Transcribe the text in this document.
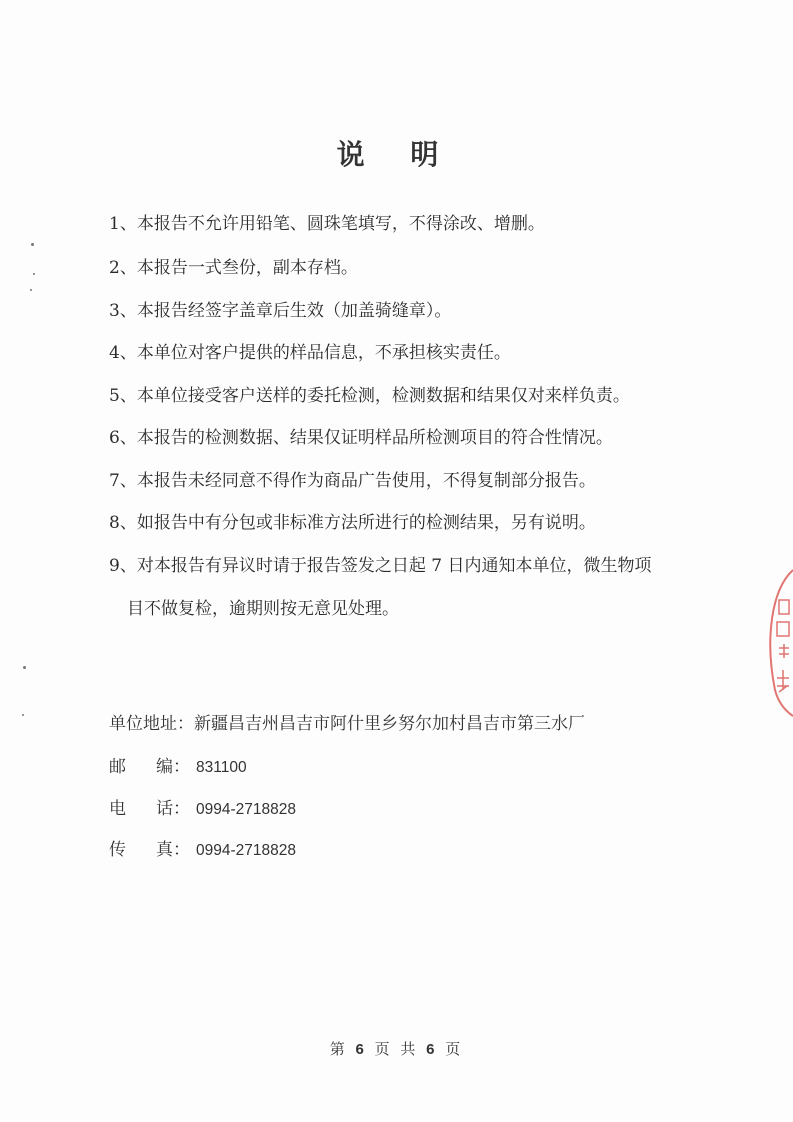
说 明
1、本报告不允许用铅笔、圆珠笔填写，不得涂改、增删。
2、本报告一式叁份，副本存档。
3、本报告经签字盖章后生效（加盖骑缝章）。
4、本单位对客户提供的样品信息，不承担核实责任。
5、本单位接受客户送样的委托检测，检测数据和结果仅对来样负责。
6、本报告的检测数据、结果仅证明样品所检测项目的符合性情况。
7、本报告未经同意不得作为商品广告使用，不得复制部分报告。
8、如报告中有分包或非标准方法所进行的检测结果，另有说明。
9、对本报告有异议时请于报告签发之日起 7 日内通知本单位，微生物项
目不做复检，逾期则按无意见处理。
单位地址：新疆昌吉州昌吉市阿什里乡努尔加村昌吉市第三水厂
邮 编： 831100
电 话： 0994-2718828
传 真： 0994-2718828
第 6 页 共 6 页
